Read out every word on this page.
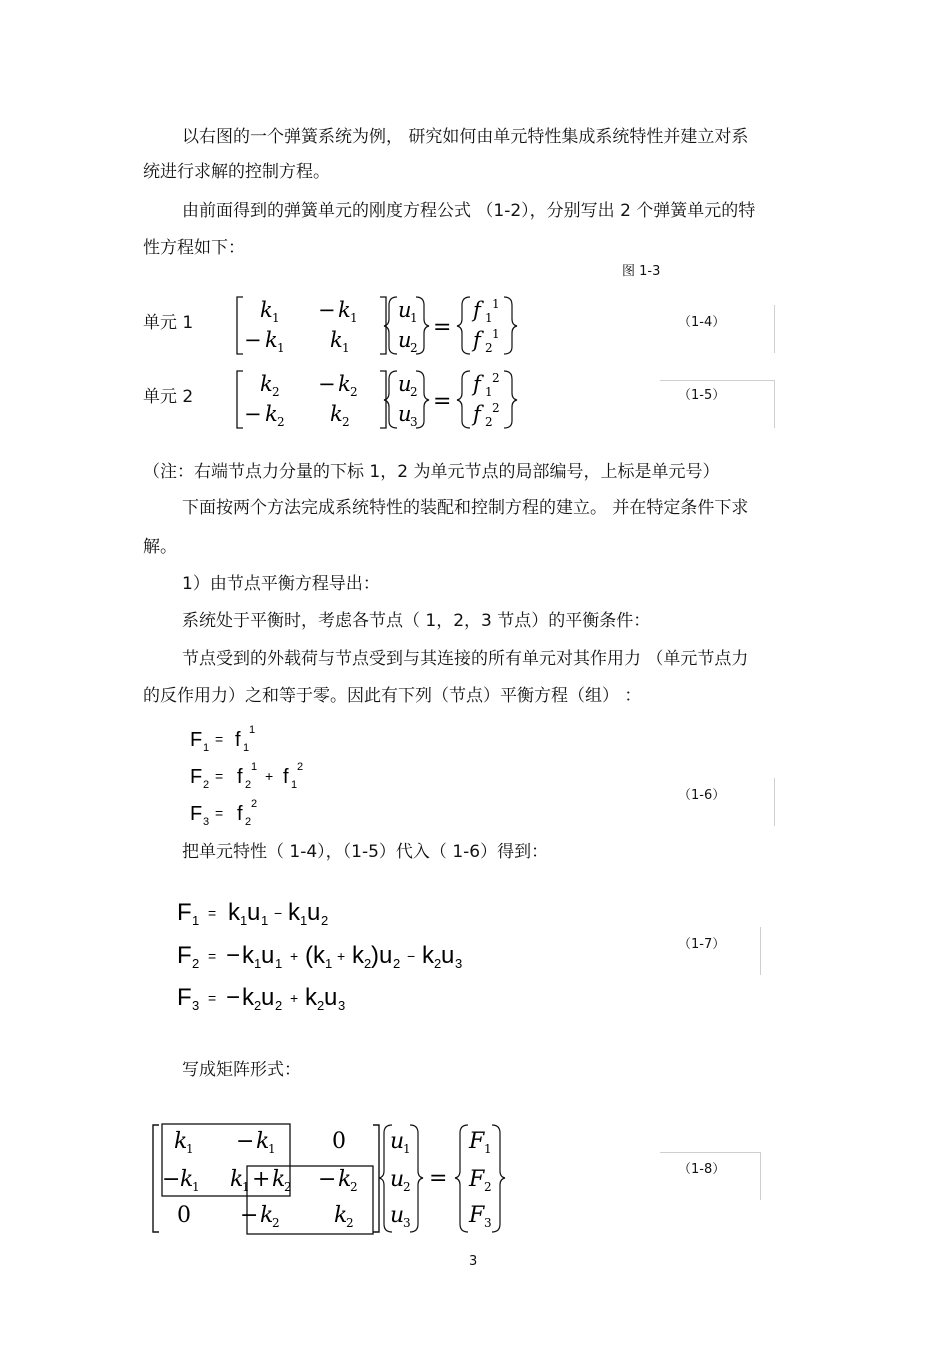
以右图的一个弹簧系统为例， 研究如何由单元特性集成系统特性并建立对系
统进行求解的控制方程。
由前面得到的弹簧单元的刚度方程公式 （1-2），分别写出 2 个弹簧单元的特
性方程如下：
图 1-3
单元 1
单元 2
（1-4）
（1-5）
（注：右端节点力分量的下标 1，2 为单元节点的局部编号，上标是单元号）
下面按两个方法完成系统特性的装配和控制方程的建立。 并在特定条件下求
解。
1）由节点平衡方程导出：
系统处于平衡时，考虑各节点（ 1，2，3 节点）的平衡条件：
节点受到的外载荷与节点受到与其连接的所有单元对其作用力 （单元节点力
的反作用力）之和等于零。因此有下列（节点）平衡方程（组） ：
（1-6）
把单元特性（ 1-4），（1-5）代入（ 1-6）得到：
（1-7）
写成矩阵形式：
（1-8）
3
k 1 − k 1
− k 1 k 1
u
1
u
2
=
f 1
1
f 2
1
k 2 − k 2
− k 2 k 2
u
2
u
3
=
f 1
2
f 2
2
F 1
= f 1
1
F 2
= f 2
1
+ f 1
2
F 3
= f 2
2
F 1 = k 1 u 1 − k 1 u 2
F 2 = − k 1 u 1 + (k 1 + k 2 )u 2 − k 2 u 3
F 3 = − k 2 u 2 + k 2 u 3
k
1 − k
1	0
− k
1 k
1 + k
2 − k
2
0 − k
2 k
2
u
1
u
2
u
3
=
F 1
F 2
F 3
